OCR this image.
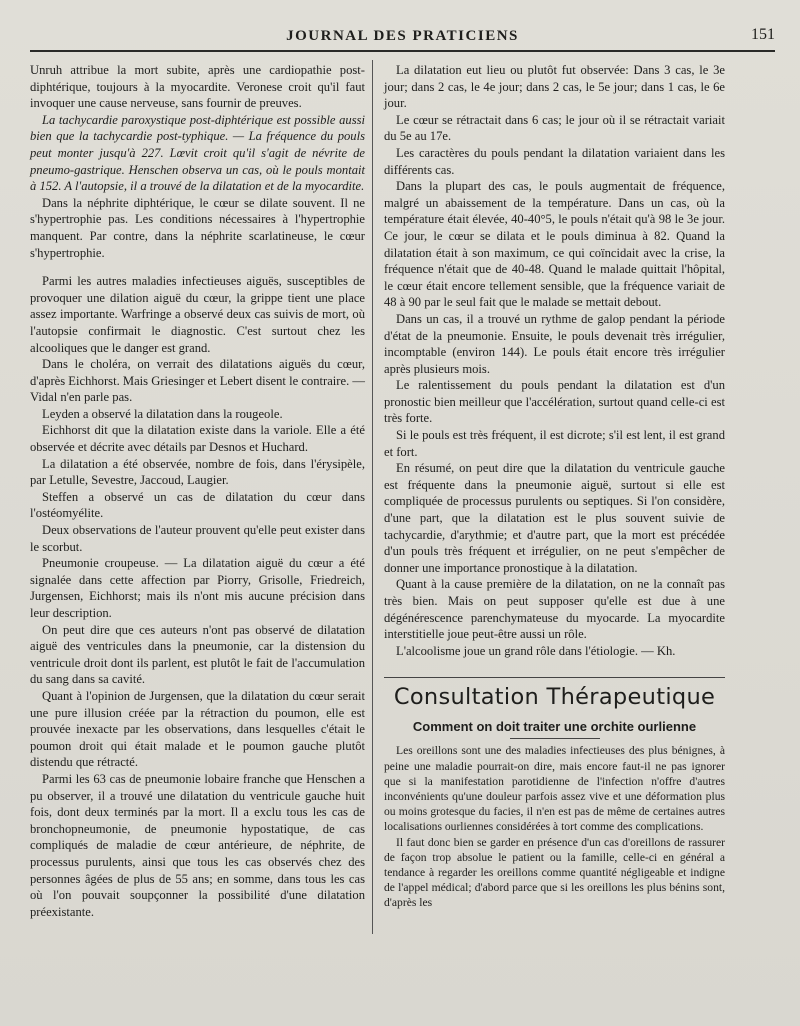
JOURNAL DES PRATICIENS	151

Unruh attribue la mort subite, après une cardiopathie post-diphtérique, toujours à la myocardite. Veronese croit qu'il faut invoquer une cause nerveuse, sans fournir de preuves.

La tachycardie paroxystique post-diphtérique est possible aussi bien que la tachycardie post-typhique. — La fréquence du pouls peut monter jusqu'à 227. Lœvit croit qu'il s'agit de névrite de pneumo-gastrique. Henschen observa un cas, où le pouls montait à 152. A l'autopsie, il a trouvé de la dilatation et de la myocardite.

Dans la néphrite diphtérique, le cœur se dilate souvent. Il ne s'hypertrophie pas. Les conditions nécessaires à l'hypertrophie manquent. Par contre, dans la néphrite scarlatineuse, le cœur s'hypertrophie.

Parmi les autres maladies infectieuses aiguës, susceptibles de provoquer une dilation aiguë du cœur, la grippe tient une place assez importante. Warfringe a observé deux cas suivis de mort, où l'autopsie confirmait le diagnostic. C'est surtout chez les alcooliques que le danger est grand.

Dans le choléra, on verrait des dilatations aiguës du cœur, d'après Eichhorst. Mais Griesinger et Lebert disent le contraire. — Vidal n'en parle pas.

Leyden a observé la dilatation dans la rougeole.

Eichhorst dit que la dilatation existe dans la variole. Elle a été observée et décrite avec détails par Desnos et Huchard.

La dilatation a été observée, nombre de fois, dans l'érysipèle, par Letulle, Sevestre, Jaccoud, Laugier.

Steffen a observé un cas de dilatation du cœur dans l'ostéomyélite.

Deux observations de l'auteur prouvent qu'elle peut exister dans le scorbut.

Pneumonie croupeuse. — La dilatation aiguë du cœur a été signalée dans cette affection par Piorry, Grisolle, Friedreich, Jurgensen, Eichhorst; mais ils n'ont mis aucune précision dans leur description.

On peut dire que ces auteurs n'ont pas observé de dilatation aiguë des ventricules dans la pneumonie, car la distension du ventricule droit dont ils parlent, est plutôt le fait de l'accumulation du sang dans sa cavité.

Quant à l'opinion de Jurgensen, que la dilatation du cœur serait une pure illusion créée par la rétraction du poumon, elle est prouvée inexacte par les observations, dans lesquelles c'était le poumon droit qui était malade et le poumon gauche plutôt distendu que rétracté.

Parmi les 63 cas de pneumonie lobaire franche que Henschen a pu observer, il a trouvé une dilatation du ventricule gauche huit fois, dont deux terminés par la mort. Il a exclu tous les cas de bronchopneumonie, de pneumonie hypostatique, de cas compliqués de maladie de cœur antérieure, de néphrite, de processus purulents, ainsi que tous les cas observés chez des personnes âgées de plus de 55 ans; en somme, dans tous les cas où l'on pouvait soupçonner la possibilité d'une dilatation préexistante.

La dilatation eut lieu ou plutôt fut observée: Dans 3 cas, le 3e jour; dans 2 cas, le 4e jour; dans 2 cas, le 5e jour; dans 1 cas, le 6e jour.

Le cœur se rétractait dans 6 cas; le jour où il se rétractait variait du 5e au 17e.

Les caractères du pouls pendant la dilatation variaient dans les différents cas.

Dans la plupart des cas, le pouls augmentait de fréquence, malgré un abaissement de la température. Dans un cas, où la température était élevée, 40-40°5, le pouls n'était qu'à 98 le 3e jour. Ce jour, le cœur se dilata et le pouls diminua à 82. Quand la dilatation était à son maximum, ce qui coïncidait avec la crise, la fréquence n'était que de 40-48. Quand le malade quittait l'hôpital, le cœur était encore tellement sensible, que la fréquence variait de 48 à 90 par le seul fait que le malade se mettait debout.

Dans un cas, il a trouvé un rythme de galop pendant la période d'état de la pneumonie. Ensuite, le pouls devenait très irrégulier, incomptable (environ 144). Le pouls était encore très irrégulier après plusieurs mois.

Le ralentissement du pouls pendant la dilatation est d'un pronostic bien meilleur que l'accélération, surtout quand celle-ci est très forte.

Si le pouls est très fréquent, il est dicrote; s'il est lent, il est grand et fort.

En résumé, on peut dire que la dilatation du ventricule gauche est fréquente dans la pneumonie aiguë, surtout si elle est compliquée de processus purulents ou septiques. Si l'on considère, d'une part, que la dilatation est le plus souvent suivie de tachycardie, d'arythmie; et d'autre part, que la mort est précédée d'un pouls très fréquent et irrégulier, on ne peut s'empêcher de donner une importance pronostique à la dilatation.

Quant à la cause première de la dilatation, on ne la connaît pas très bien. Mais on peut supposer qu'elle est due à une dégénérescence parenchymateuse du myocarde. La myocardite interstitielle joue peut-être aussi un rôle.

L'alcoolisme joue un grand rôle dans l'étiologie. — Kh.

Consultation Thérapeutique
Comment on doit traiter une orchite ourlienne

Les oreillons sont une des maladies infectieuses des plus bénignes, à peine une maladie pourrait-on dire, mais encore faut-il ne pas ignorer que si la manifestation parotidienne de l'infection n'offre d'autres inconvénients qu'une douleur parfois assez vive et une déformation plus ou moins grotesque du facies, il n'en est pas de même de certaines autres localisations ourliennes considérées à tort comme des complications.

Il faut donc bien se garder en présence d'un cas d'oreillons de rassurer de façon trop absolue le patient ou la famille, celle-ci en général a tendance à regarder les oreillons comme quantité négligeable et indigne de l'appel médical; d'abord parce que si les oreillons les plus bénins sont, d'après les
